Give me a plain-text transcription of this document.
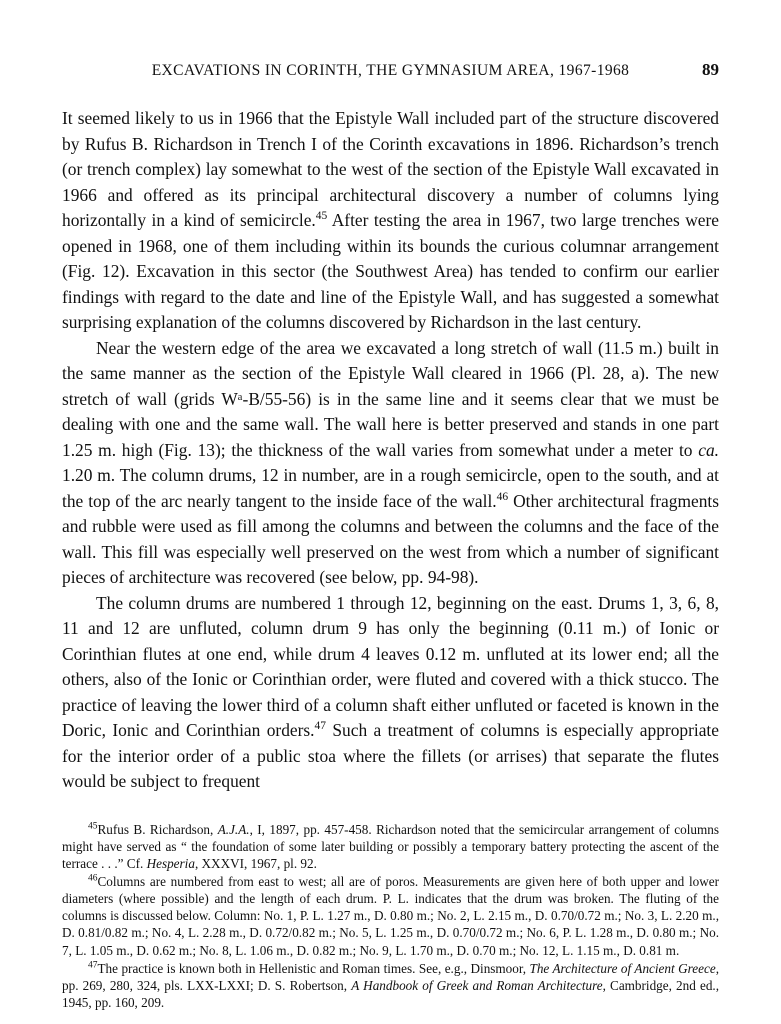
EXCAVATIONS IN CORINTH, THE GYMNASIUM AREA, 1967-1968	89

It seemed likely to us in 1966 that the Epistyle Wall included part of the structure discovered by Rufus B. Richardson in Trench I of the Corinth excavations in 1896. Richardson’s trench (or trench complex) lay somewhat to the west of the section of the Epistyle Wall excavated in 1966 and offered as its principal architectural discovery a number of columns lying horizontally in a kind of semicircle.$^{45}$ After testing the area in 1967, two large trenches were opened in 1968, one of them including within its bounds the curious columnar arrangement (Fig. 12). Excavation in this sector (the Southwest Area) has tended to confirm our earlier findings with regard to the date and line of the Epistyle Wall, and has suggested a somewhat surprising explanation of the columns discovered by Richardson in the last century.

Near the western edge of the area we excavated a long stretch of wall (11.5 m.) built in the same manner as the section of the Epistyle Wall cleared in 1966 (Pl. 28, a). The new stretch of wall (grids Wᵃ-B/55-56) is in the same line and it seems clear that we must be dealing with one and the same wall. The wall here is better preserved and stands in one part 1.25 m. high (Fig. 13); the thickness of the wall varies from somewhat under a meter to ca. 1.20 m. The column drums, 12 in number, are in a rough semicircle, open to the south, and at the top of the arc nearly tangent to the inside face of the wall.$^{46}$ Other architectural fragments and rubble were used as fill among the columns and between the columns and the face of the wall. This fill was especially well preserved on the west from which a number of significant pieces of architecture was recovered (see below, pp. 94-98).

The column drums are numbered 1 through 12, beginning on the east. Drums 1, 3, 6, 8, 11 and 12 are unfluted, column drum 9 has only the beginning (0.11 m.) of Ionic or Corinthian flutes at one end, while drum 4 leaves 0.12 m. unfluted at its lower end; all the others, also of the Ionic or Corinthian order, were fluted and covered with a thick stucco. The practice of leaving the lower third of a column shaft either unfluted or faceted is known in the Doric, Ionic and Corinthian orders.$^{47}$ Such a treatment of columns is especially appropriate for the interior order of a public stoa where the fillets (or arrises) that separate the flutes would be subject to frequent

$^{45}$Rufus B. Richardson, A.J.A., I, 1897, pp. 457-458. Richardson noted that the semicircular arrangement of columns might have served as “ the foundation of some later building or possibly a temporary battery protecting the ascent of the terrace . . .” Cf. Hesperia, XXXVI, 1967, pl. 92.

$^{46}$Columns are numbered from east to west; all are of poros. Measurements are given here of both upper and lower diameters (where possible) and the length of each drum. P. L. indicates that the drum was broken. The fluting of the columns is discussed below. Column: No. 1, P. L. 1.27 m., D. 0.80 m.; No. 2, L. 2.15 m., D. 0.70/0.72 m.; No. 3, L. 2.20 m., D. 0.81/0.82 m.; No. 4, L. 2.28 m., D. 0.72/0.82 m.; No. 5, L. 1.25 m., D. 0.70/0.72 m.; No. 6, P. L. 1.28 m., D. 0.80 m.; No. 7, L. 1.05 m., D. 0.62 m.; No. 8, L. 1.06 m., D. 0.82 m.; No. 9, L. 1.70 m., D. 0.70 m.; No. 12, L. 1.15 m., D. 0.81 m.

$^{47}$The practice is known both in Hellenistic and Roman times. See, e.g., Dinsmoor, The Architecture of Ancient Greece, pp. 269, 280, 324, pls. LXX-LXXI; D. S. Robertson, A Handbook of Greek and Roman Architecture, Cambridge, 2nd ed., 1945, pp. 160, 209.
